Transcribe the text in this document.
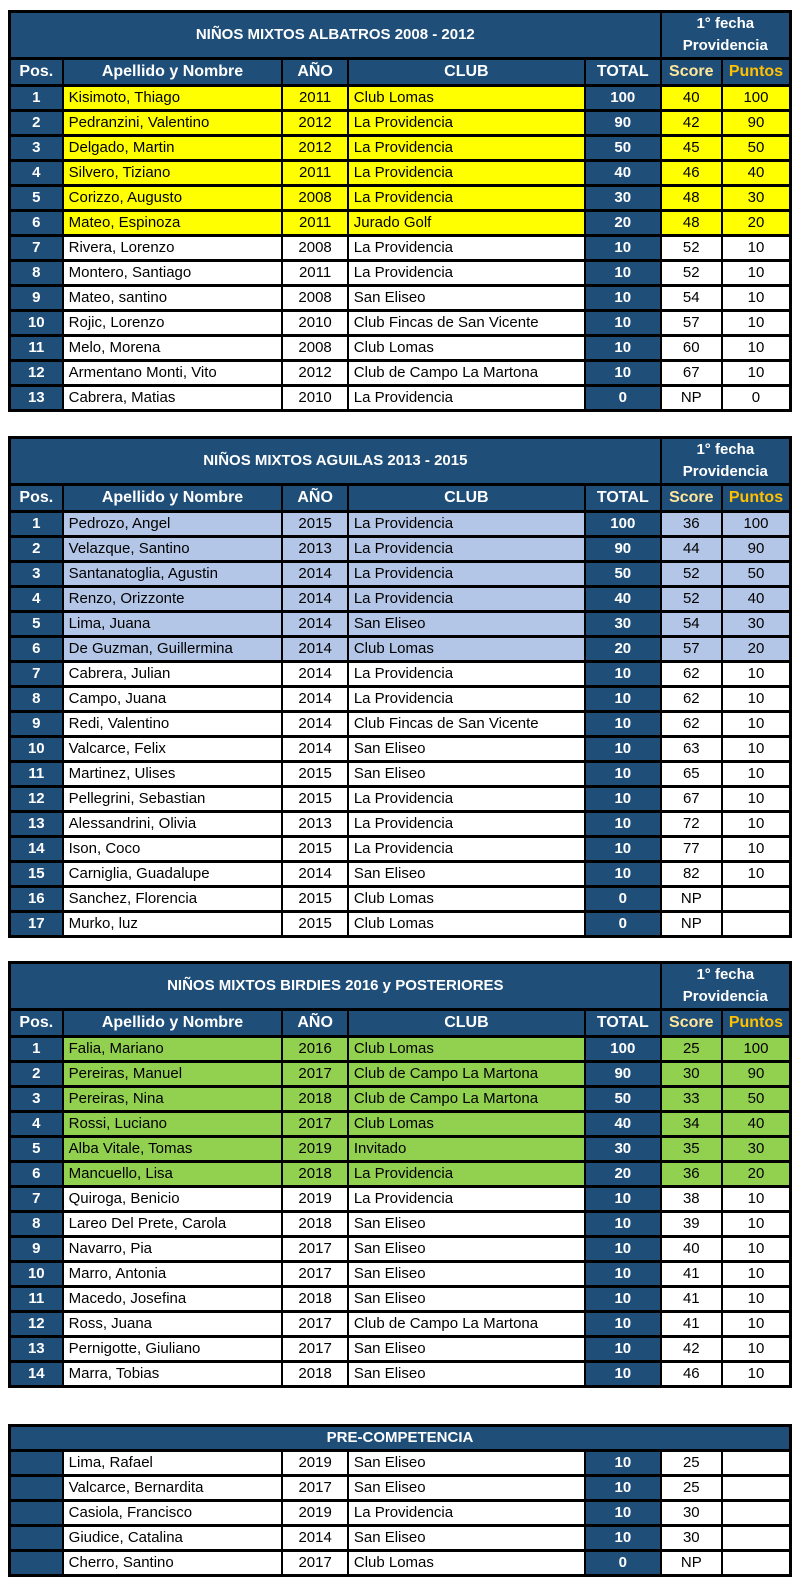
NIÑOS MIXTOS ALBATROS 2008 - 2012					1° fecha
Providencia	

Pos.	Apellido y Nombre	AÑO	CLUB	TOTAL	Score	Puntos
1	Kisimoto, Thiago	2011	Club Lomas	100	40	100
2	Pedranzini, Valentino	2012	La Providencia	90	42	90
3	Delgado, Martin	2012	La Providencia	50	45	50
4	Silvero, Tiziano	2011	La Providencia	40	46	40
5	Corizzo, Augusto	2008	La Providencia	30	48	30
6	Mateo, Espinoza	2011	Jurado Golf	20	48	20
7	Rivera, Lorenzo	2008	La Providencia	10	52	10
8	Montero, Santiago	2011	La Providencia	10	52	10
9	Mateo, santino	2008	San Eliseo	10	54	10
10	Rojic, Lorenzo	2010	Club Fincas de San Vicente	10	57	10
11	Melo, Morena	2008	Club Lomas	10	60	10
12	Armentano Monti, Vito	2012	Club de Campo La Martona	10	67	10
13	Cabrera, Matias	2010	La Providencia	0	NP	0
NIÑOS MIXTOS AGUILAS 2013 - 2015					1° fecha
Providencia	

Pos.	Apellido y Nombre	AÑO	CLUB	TOTAL	Score	Puntos
1	Pedrozo, Angel	2015	La Providencia	100	36	100
2	Velazque, Santino	2013	La Providencia	90	44	90
3	Santanatoglia, Agustin	2014	La Providencia	50	52	50
4	Renzo, Orizzonte	2014	La Providencia	40	52	40
5	Lima, Juana	2014	San Eliseo	30	54	30
6	De Guzman, Guillermina	2014	Club Lomas	20	57	20
7	Cabrera, Julian	2014	La Providencia	10	62	10
8	Campo, Juana	2014	La Providencia	10	62	10
9	Redi, Valentino	2014	Club Fincas de San Vicente	10	62	10
10	Valcarce, Felix	2014	San Eliseo	10	63	10
11	Martinez, Ulises	2015	San Eliseo	10	65	10
12	Pellegrini, Sebastian	2015	La Providencia	10	67	10
13	Alessandrini, Olivia	2013	La Providencia	10	72	10
14	Ison, Coco	2015	La Providencia	10	77	10
15	Carniglia, Guadalupe	2014	San Eliseo	10	82	10
16	Sanchez, Florencia	2015	Club Lomas	0	NP	
17	Murko, luz	2015	Club Lomas	0	NP	
NIÑOS MIXTOS BIRDIES 2016 y POSTERIORES					1° fecha
Providencia	

Pos.	Apellido y Nombre	AÑO	CLUB	TOTAL	Score	Puntos
1	Falia, Mariano	2016	Club Lomas	100	25	100
2	Pereiras, Manuel	2017	Club de Campo La Martona	90	30	90
3	Pereiras, Nina	2018	Club de Campo La Martona	50	33	50
4	Rossi, Luciano	2017	Club Lomas	40	34	40
5	Alba Vitale, Tomas	2019	Invitado	30	35	30
6	Mancuello, Lisa	2018	La Providencia	20	36	20
7	Quiroga, Benicio	2019	La Providencia	10	38	10
8	Lareo Del Prete, Carola	2018	San Eliseo	10	39	10
9	Navarro, Pia	2017	San Eliseo	10	40	10
10	Marro, Antonia	2017	San Eliseo	10	41	10
11	Macedo, Josefina	2018	San Eliseo	10	41	10
12	Ross, Juana	2017	Club de Campo La Martona	10	41	10
13	Pernigotte, Giuliano	2017	San Eliseo	10	42	10
14	Marra, Tobias	2018	San Eliseo	10	46	10
PRE-COMPETENCIA						
	Lima, Rafael	2019	San Eliseo	10	25	
	Valcarce, Bernardita	2017	San Eliseo	10	25	
	Casiola, Francisco	2019	La Providencia	10	30	
	Giudice, Catalina	2014	San Eliseo	10	30	
	Cherro, Santino	2017	Club Lomas	0	NP	
